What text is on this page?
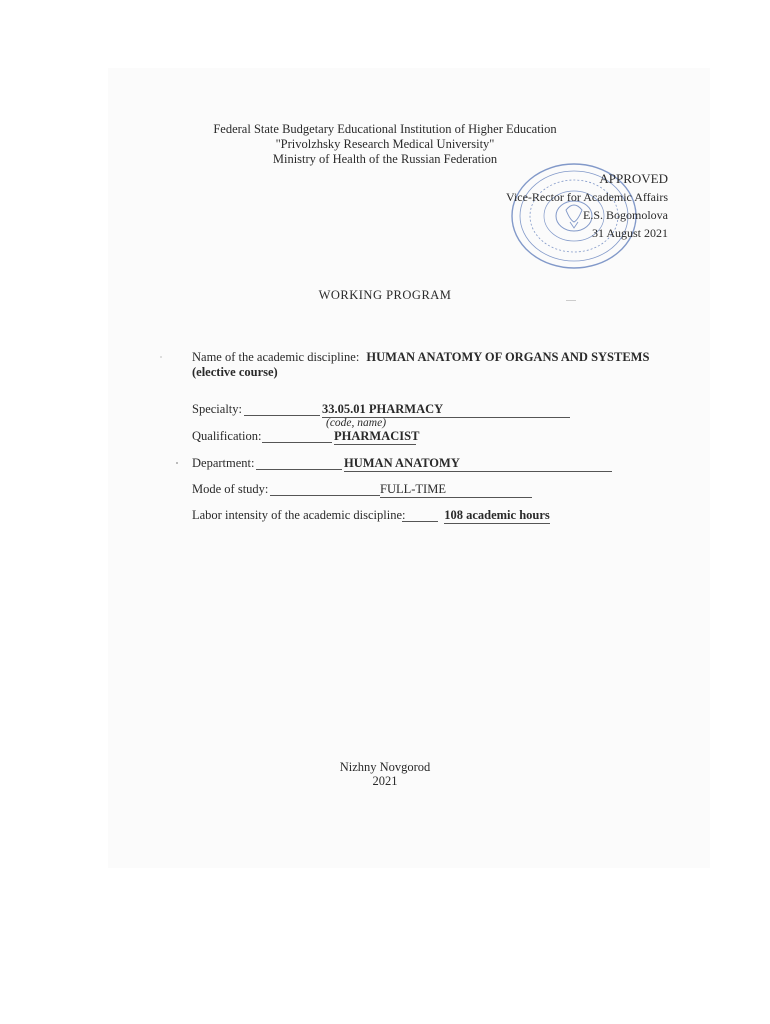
Federal State Budgetary Educational Institution of Higher Education
"Privolzhsky Research Medical University"
Ministry of Health of the Russian Federation
APPROVED
Vice-Rector for Academic Affairs
E.S. Bogomolova
31 August 2021
WORKING PROGRAM
Name of the academic discipline: HUMAN ANATOMY OF ORGANS AND SYSTEMS
(elective course)
Specialty:	33.05.01 PHARMACY
(code, name)
Qualification:	PHARMACIST
Department:	HUMAN ANATOMY
Mode of study:	FULL-TIME
Labor intensity of the academic discipline:	108 academic hours
Nizhny Novgorod
2021
